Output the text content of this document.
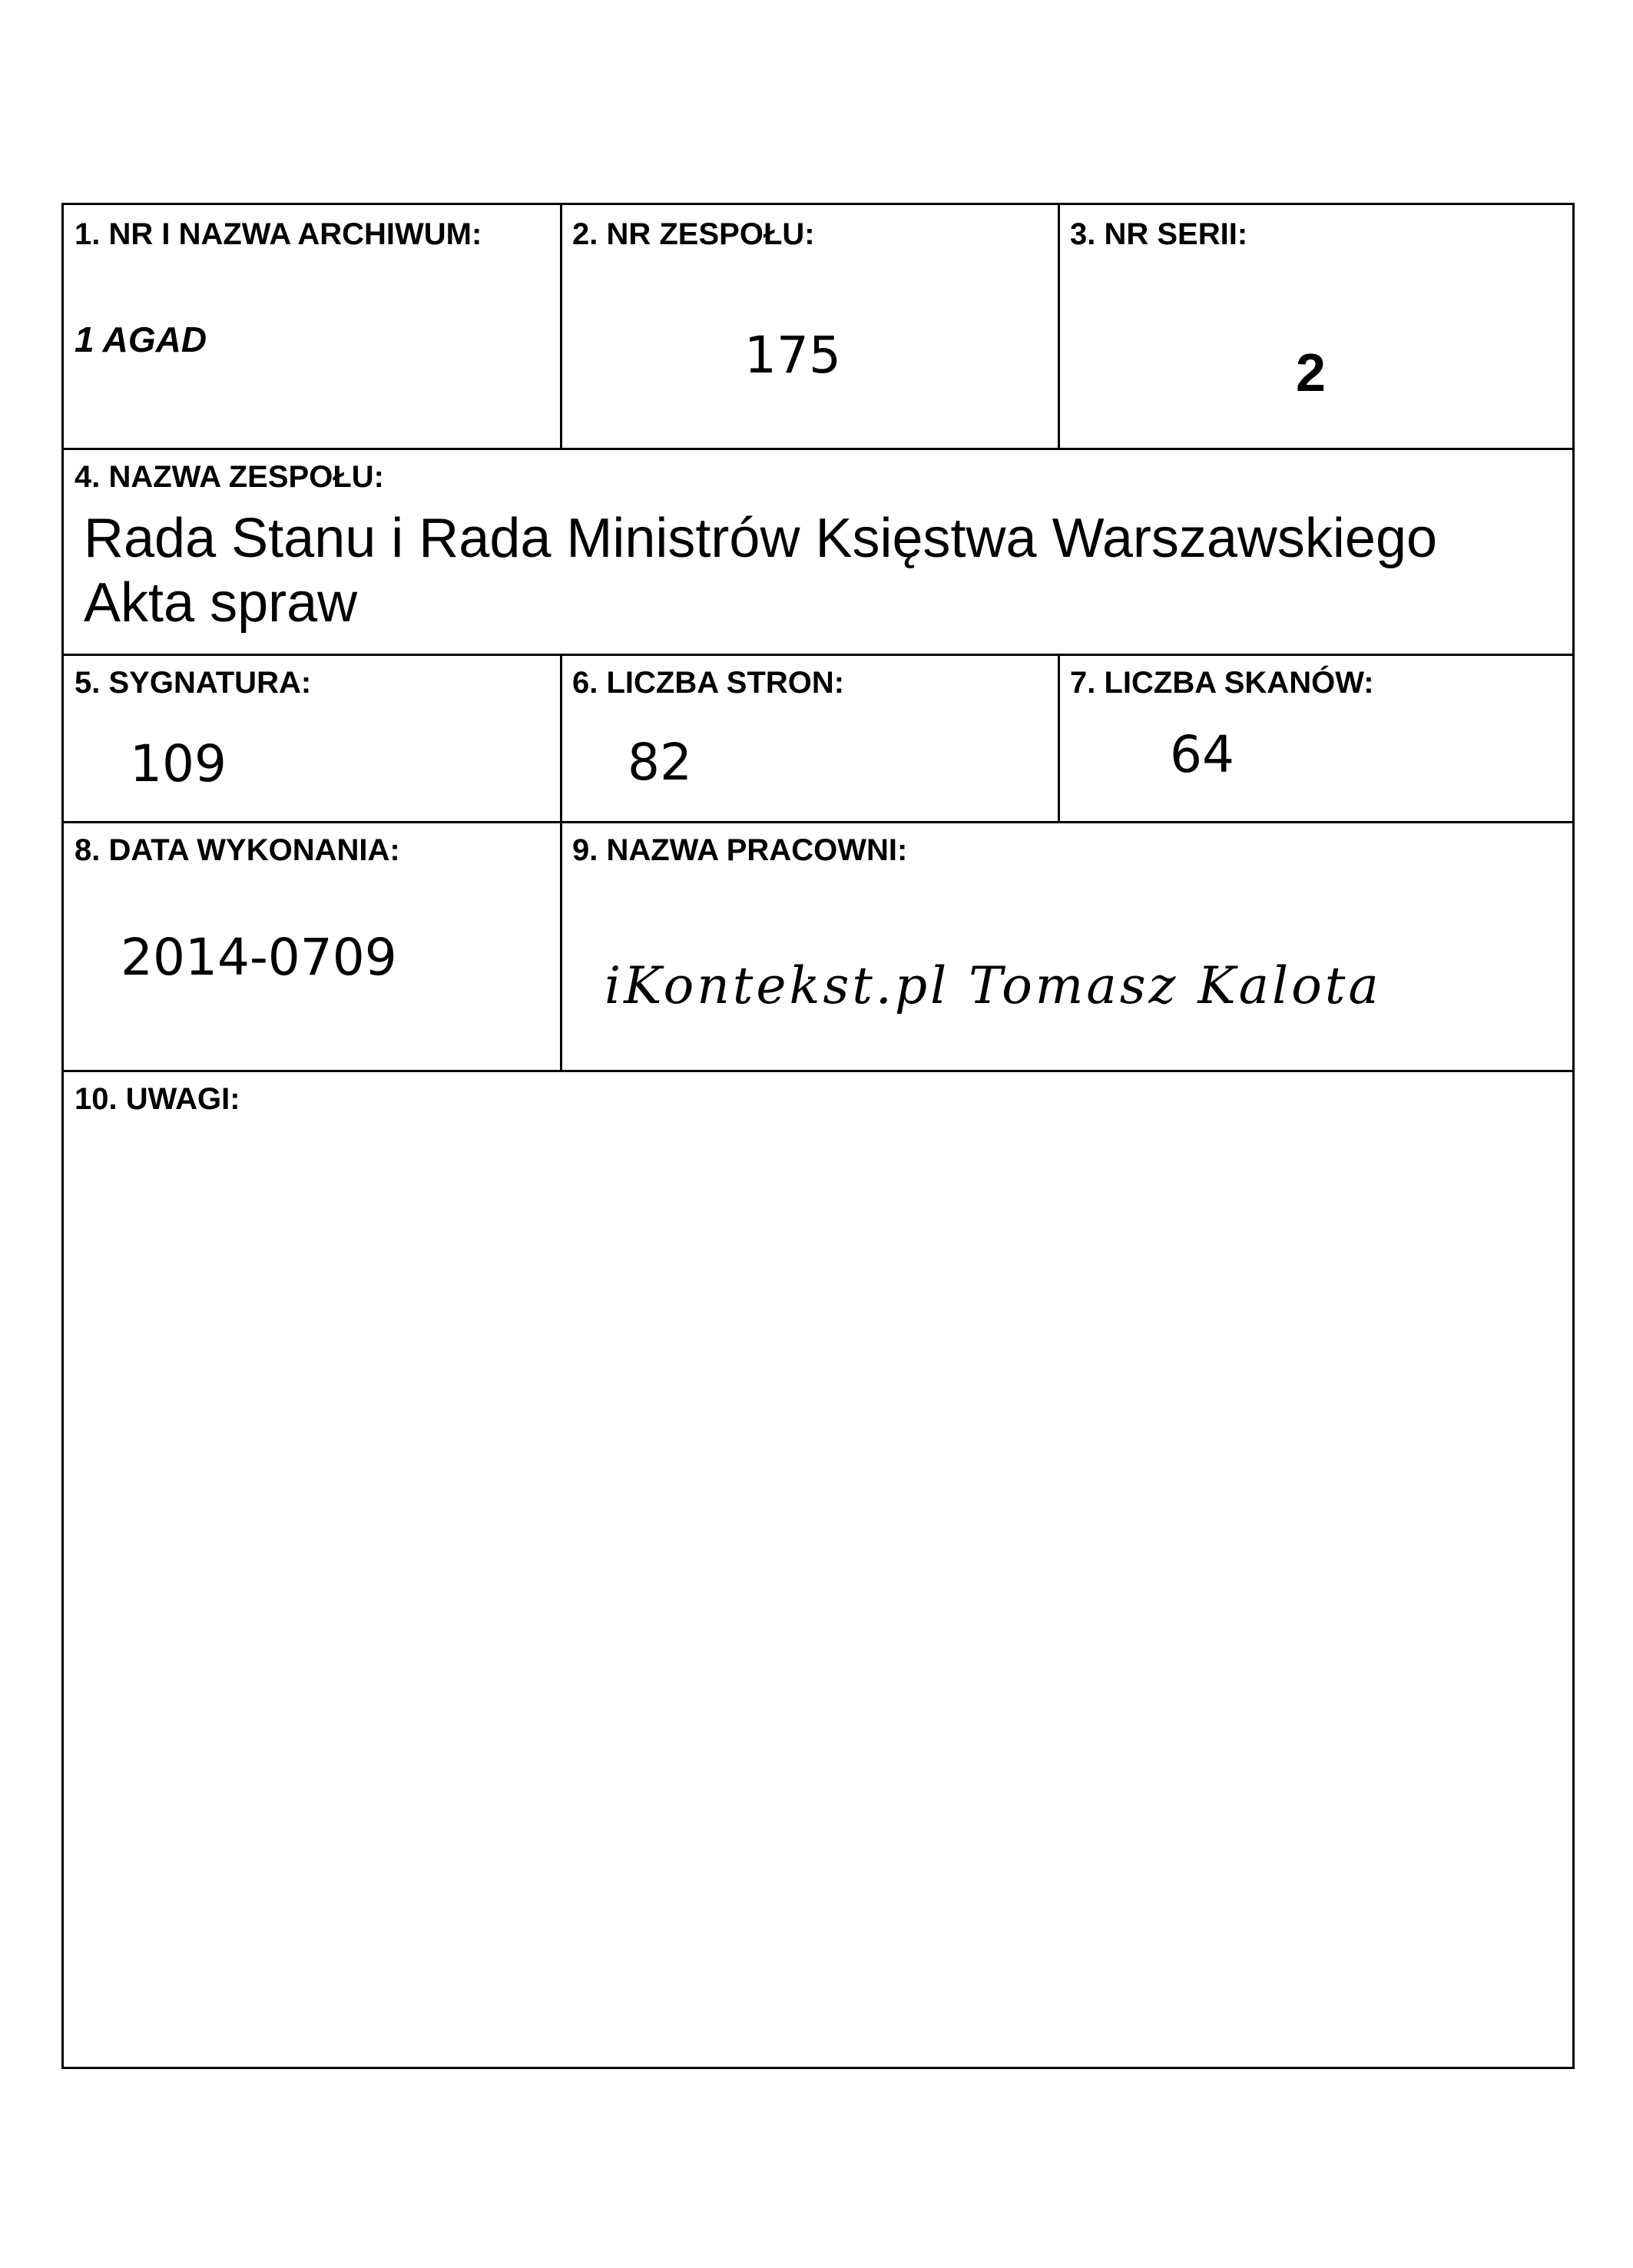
1. NR I NAZWA ARCHIWUM:
1 AGAD
2. NR ZESPOŁU:
175
3. NR SERII:
2
4. NAZWA ZESPOŁU:
Rada Stanu i Rada Ministrów Księstwa Warszawskiego
Akta spraw
5. SYGNATURA:
109
6. LICZBA STRON:
82
7. LICZBA SKANÓW:
64
8. DATA WYKONANIA:
2014-0709
9. NAZWA PRACOWNI:
iKontekst.pl Tomasz Kalota
10. UWAGI:
